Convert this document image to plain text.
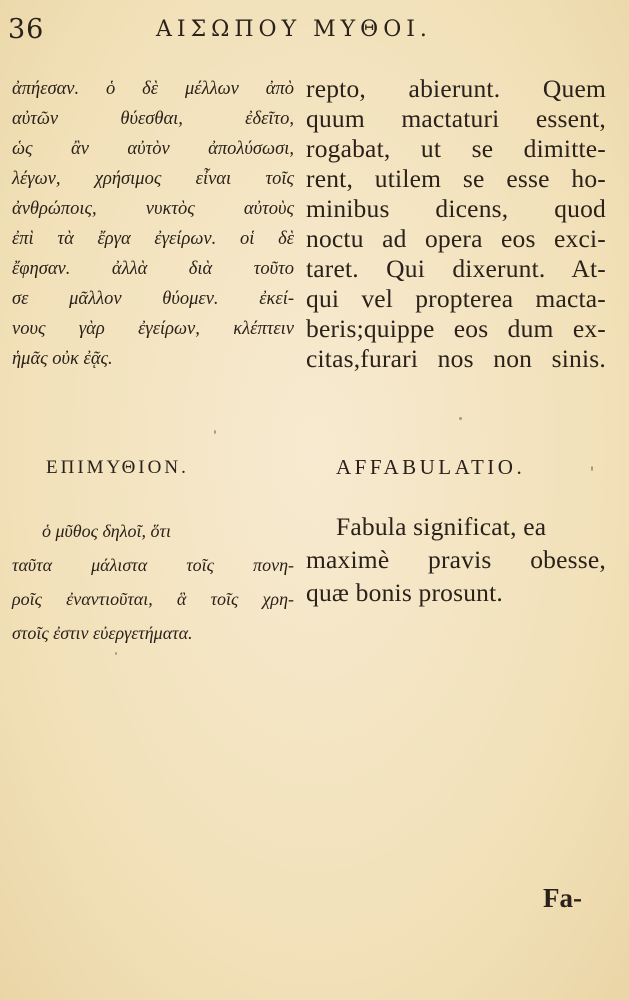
36	ΑΙΣΩΠΟΥ ΜΥΘΟΙ.
ἀπήεσαν. ὁ δὲ μέλλων ἀπὸ
αὐτῶν θύεσθαι, ἐδεῖτο,
ὡς ἂν αὐτὸν ἀπολύσωσι,
λέγων, χρήσιμος εἶναι τοῖς
ἀνθρώποις, νυκτὸς αὐτοὺς
ἐπὶ τὰ ἔργα ἐγείρων. οἱ δὲ
ἔφησαν. ἀλλὰ διὰ τοῦτο
σε μᾶλλον θύομεν. ἐκεί-
νους γὰρ ἐγείρων, κλέπτειν
ἡμᾶς οὐκ ἐᾷς.
repto, abierunt. Quem
quum mactaturi essent,
rogabat, ut se dimitte-
rent, utilem se esse ho-
minibus dicens, quod
noctu ad opera eos exci-
taret. Qui dixerunt. At-
qui vel propterea macta-
beris;quippe eos dum ex-
citas,furari nos non sinis.
ΕΠΙΜΥΘΙΟΝ.	AFFABULATIO.
ὁ μῦθος δηλοῖ, ὅτι
ταῦτα μάλιστα τοῖς πονη-
ροῖς ἐναντιοῦται, ἃ τοῖς χρη-
στοῖς ἐστιν εὐεργετήματα.
Fabula significat, ea
maximè pravis obesse,
quæ bonis prosunt.
Fa-
